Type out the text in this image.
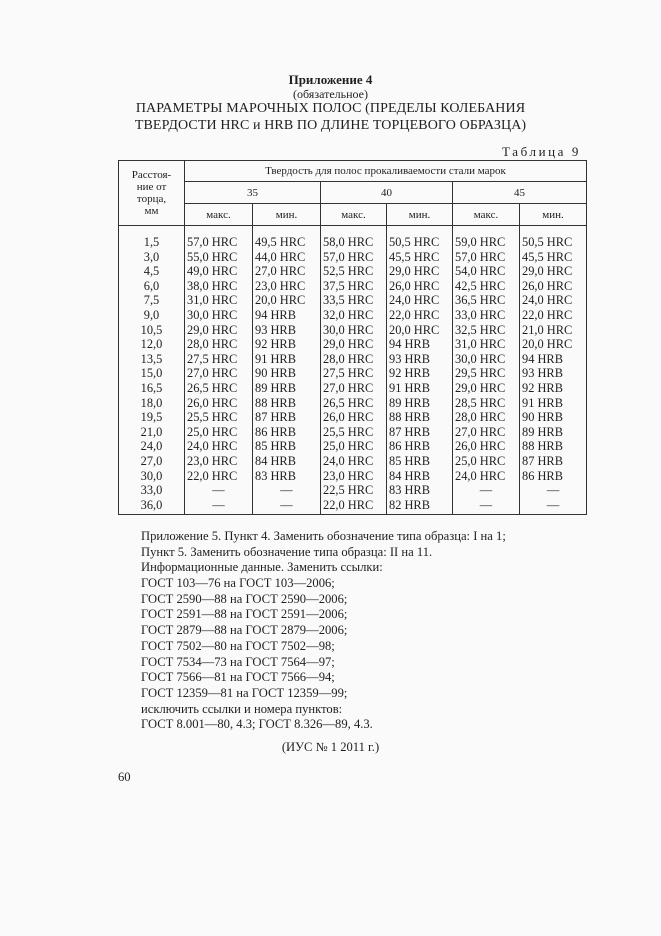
Приложение 4
(обязательное)
ПАРАМЕТРЫ МАРОЧНЫХ ПОЛОС (ПРЕДЕЛЫ КОЛЕБАНИЯ
ТВЕРДОСТИ HRC и HRB ПО ДЛИНЕ ТОРЦЕВОГО ОБРАЗЦА)
Таблица 9
Расстоя-
ние от
торца,
мм	Твердость для полос прокаливаемости стали марок					
	35		40		45	
	макс.	мин.	макс.	мин.	макс.	мин.

1,5	57,0 HRC	49,5 HRC	58,0 HRC	50,5 HRC	59,0 HRC	50,5 HRC
3,0	55,0 HRC	44,0 HRC	57,0 HRC	45,5 HRC	57,0 HRC	45,5 HRC
4,5	49,0 HRC	27,0 HRC	52,5 HRC	29,0 HRC	54,0 HRC	29,0 HRC
6,0	38,0 HRC	23,0 HRC	37,5 HRC	26,0 HRC	42,5 HRC	26,0 HRC
7,5	31,0 HRC	20,0 HRC	33,5 HRC	24,0 HRC	36,5 HRC	24,0 HRC
9,0	30,0 HRC	94 HRB	32,0 HRC	22,0 HRC	33,0 HRC	22,0 HRC
10,5	29,0 HRC	93 HRB	30,0 HRC	20,0 HRC	32,5 HRC	21,0 HRC
12,0	28,0 HRC	92 HRB	29,0 HRC	94 HRB	31,0 HRC	20,0 HRC
13,5	27,5 HRC	91 HRB	28,0 HRC	93 HRB	30,0 HRC	94 HRB
15,0	27,0 HRC	90 HRB	27,5 HRC	92 HRB	29,5 HRC	93 HRB
16,5	26,5 HRC	89 HRB	27,0 HRC	91 HRB	29,0 HRC	92 HRB
18,0	26,0 HRC	88 HRB	26,5 HRC	89 HRB	28,5 HRC	91 HRB
19,5	25,5 HRC	87 HRB	26,0 HRC	88 HRB	28,0 HRC	90 HRB
21,0	25,0 HRC	86 HRB	25,5 HRC	87 HRB	27,0 HRC	89 HRB
24,0	24,0 HRC	85 HRB	25,0 HRC	86 HRB	26,0 HRC	88 HRB
27,0	23,0 HRC	84 HRB	24,0 HRC	85 HRB	25,0 HRC	87 HRB
30,0	22,0 HRC	83 HRB	23,0 HRC	84 HRB	24,0 HRC	86 HRB
33,0	—	—	22,5 HRC	83 HRB	—	—
36,0	—	—	22,0 HRC	82 HRB	—	—
Приложение 5. Пункт 4. Заменить обозначение типа образца: I на 1;
Пункт 5. Заменить обозначение типа образца: II на 11.
Информационные данные. Заменить ссылки:
ГОСТ 103—76 на ГОСТ 103—2006;
ГОСТ 2590—88 на ГОСТ 2590—2006;
ГОСТ 2591—88 на ГОСТ 2591—2006;
ГОСТ 2879—88 на ГОСТ 2879—2006;
ГОСТ 7502—80 на ГОСТ 7502—98;
ГОСТ 7534—73 на ГОСТ 7564—97;
ГОСТ 7566—81 на ГОСТ 7566—94;
ГОСТ 12359—81 на ГОСТ 12359—99;
исключить ссылки и номера пунктов:
ГОСТ 8.001—80, 4.3; ГОСТ 8.326—89, 4.3.
(ИУС № 1 2011 г.)
60
